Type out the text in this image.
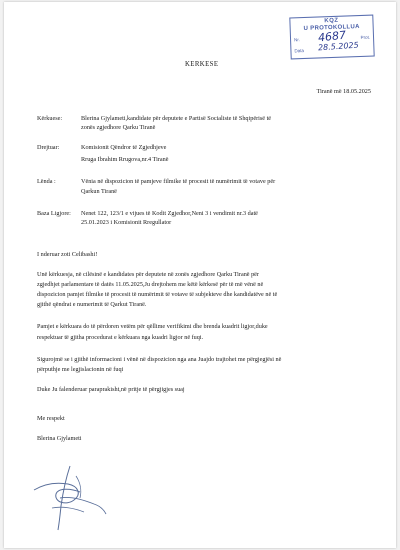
KQZ
U PROTOKOLLUA
Nr.	Prot.
Data
4687
28.5.2025
KERKESE
Tiranë më 18.05.2025
Kërkuese:	Blerina Gjylameti,kandidate për deputete e Partisë Socialiste të Shqipërisë të
zonës zgjedhore Qarku Tiranë
Drejtuar:	Komisionit Qëndror të Zgjedhjeve
Rruga Ibrahim Rrugova,nr.4 Tiranë
Lënda :	Vënia në dispozicion të pamjeve filmike të procesit të numërimit të votave për
Qarkun Tiranë
Baza Ligjore: Nenet 122, 123/1 e vijues të Kodit Zgjedhor,Neni 3 i vendimit nr.3 datë
25.01.2023 i Komisionit Rregullator
I nderuar zoti Celibashi!
Unë kërkuesja, në cilësinë e kandidates për deputete në zonës zgjedhore Qarku Tiranë për
zgjedhjet parlamentare të datës 11.05.2025,Ju drejtohem me këtë kërkesë për të më vënë në
dispozicion pamjet filmike të procesit të numërimit të votave të subjekteve dhe kandidatëve në të
gjithë qëndrat e numerimit të Qarkut Tiranë.
Pamjet e kërkuara do të përdoren vetëm për qëllime verifikimi dhe brenda kuadrit ligjor,duke
respektuar të gjitha procedurat e kërkuara nga kuadri ligjor në fuqi.
Sigurojmë se i gjithë informacioni i vënë në dispozicion nga ana Juajdo trajtohet me përgjegjësi në
përputhje me legjislacionin në fuqi
Duke Ju falenderuar paraprakisht,në pritje të përgjigjes suaj
Me respekt
Blerina Gjylameti
